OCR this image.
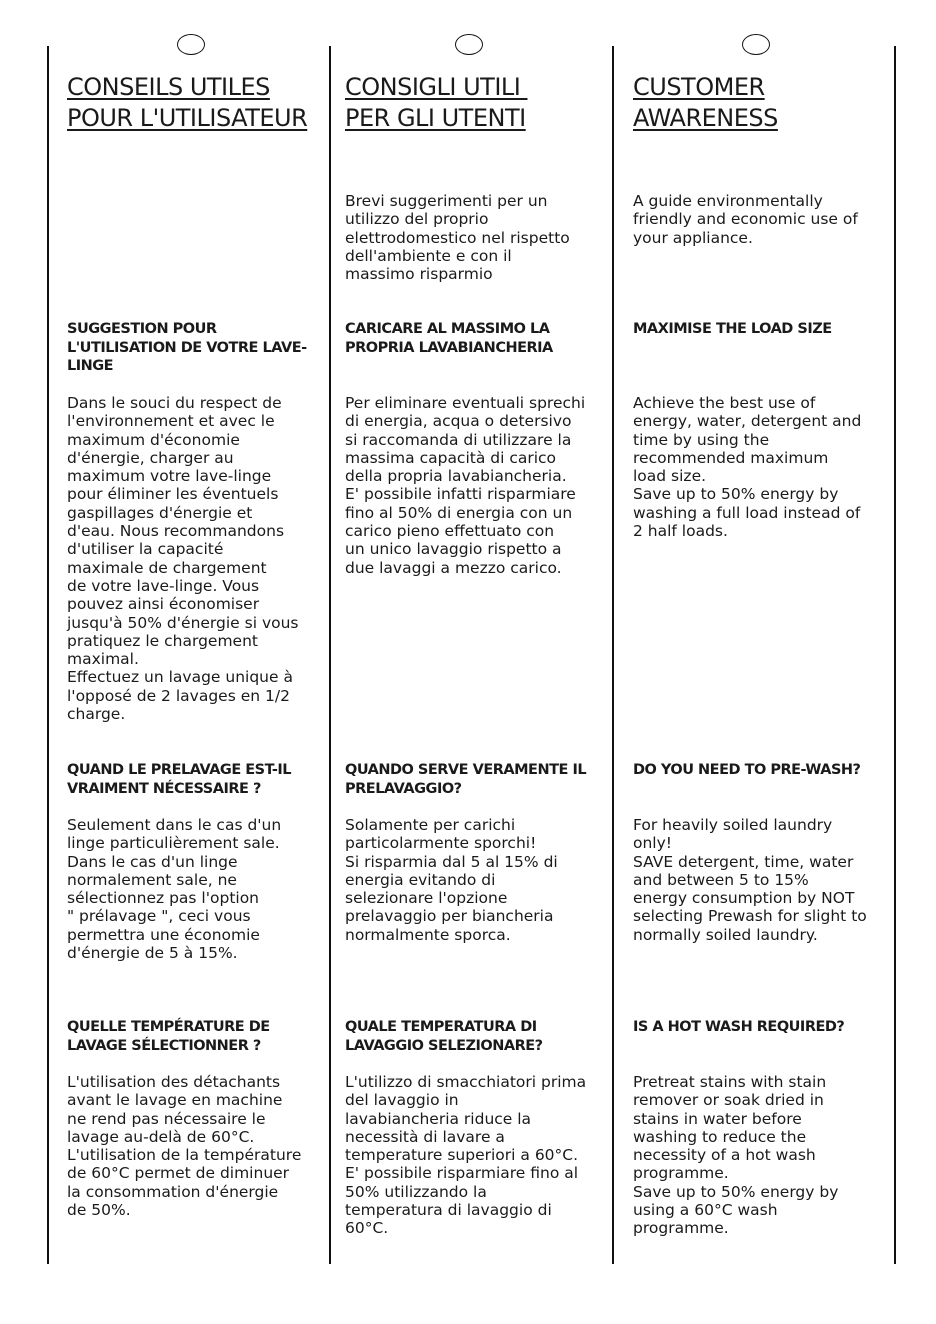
CONSEILS UTILES
POUR L'UTILISATEUR
SUGGESTION POUR
L'UTILISATION DE VOTRE LAVE-
LINGE
Dans le souci du respect de
l'environnement et avec le
maximum d'économie
d'énergie, charger au
maximum votre lave-linge
pour éliminer les éventuels
gaspillages d'énergie et
d'eau. Nous recommandons
d'utiliser la capacité
maximale de chargement
de votre lave-linge. Vous
pouvez ainsi économiser
jusqu'à 50% d'énergie si vous
pratiquez le chargement
maximal.
Effectuez un lavage unique à
l'opposé de 2 lavages en 1/2
charge.
QUAND LE PRELAVAGE EST-IL
VRAIMENT NÉCESSAIRE ?
Seulement dans le cas d'un
linge particulièrement sale.
Dans le cas d'un linge
normalement sale, ne
sélectionnez pas l'option
" prélavage ", ceci vous
permettra une économie
d'énergie de 5 à 15%.
QUELLE TEMPÉRATURE DE
LAVAGE SÉLECTIONNER ?
L'utilisation des détachants
avant le lavage en machine
ne rend pas nécessaire le
lavage au-delà de 60°C.
L'utilisation de la température
de 60°C permet de diminuer
la consommation d'énergie
de 50%.
CONSIGLI UTILI
PER GLI UTENTI
Brevi suggerimenti per un
utilizzo del proprio
elettrodomestico nel rispetto
dell'ambiente e con il
massimo risparmio
CARICARE AL MASSIMO LA
PROPRIA LAVABIANCHERIA
Per eliminare eventuali sprechi
di energia, acqua o detersivo
si raccomanda di utilizzare la
massima capacità di carico
della propria lavabiancheria.
E' possibile infatti risparmiare
fino al 50% di energia con un
carico pieno effettuato con
un unico lavaggio rispetto a
due lavaggi a mezzo carico.
QUANDO SERVE VERAMENTE IL
PRELAVAGGIO?
Solamente per carichi
particolarmente sporchi!
Si risparmia dal 5 al 15% di
energia evitando di
selezionare l'opzione
prelavaggio per biancheria
normalmente sporca.
QUALE TEMPERATURA DI
LAVAGGIO SELEZIONARE?
L'utilizzo di smacchiatori prima
del lavaggio in
lavabiancheria riduce la
necessità di lavare a
temperature superiori a 60°C.
E' possibile risparmiare fino al
50% utilizzando la
temperatura di lavaggio di
60°C.
CUSTOMER
AWARENESS
A guide environmentally
friendly and economic use of
your appliance.
MAXIMISE THE LOAD SIZE
Achieve the best use of
energy, water, detergent and
time by using the
recommended maximum
load size.
Save up to 50% energy by
washing a full load instead of
2 half loads.
DO YOU NEED TO PRE-WASH?
For heavily soiled laundry
only!
SAVE detergent, time, water
and between 5 to 15%
energy consumption by NOT
selecting Prewash for slight to
normally soiled laundry.
IS A HOT WASH REQUIRED?
Pretreat stains with stain
remover or soak dried in
stains in water before
washing to reduce the
necessity of a hot wash
programme.
Save up to 50% energy by
using a 60°C wash
programme.
